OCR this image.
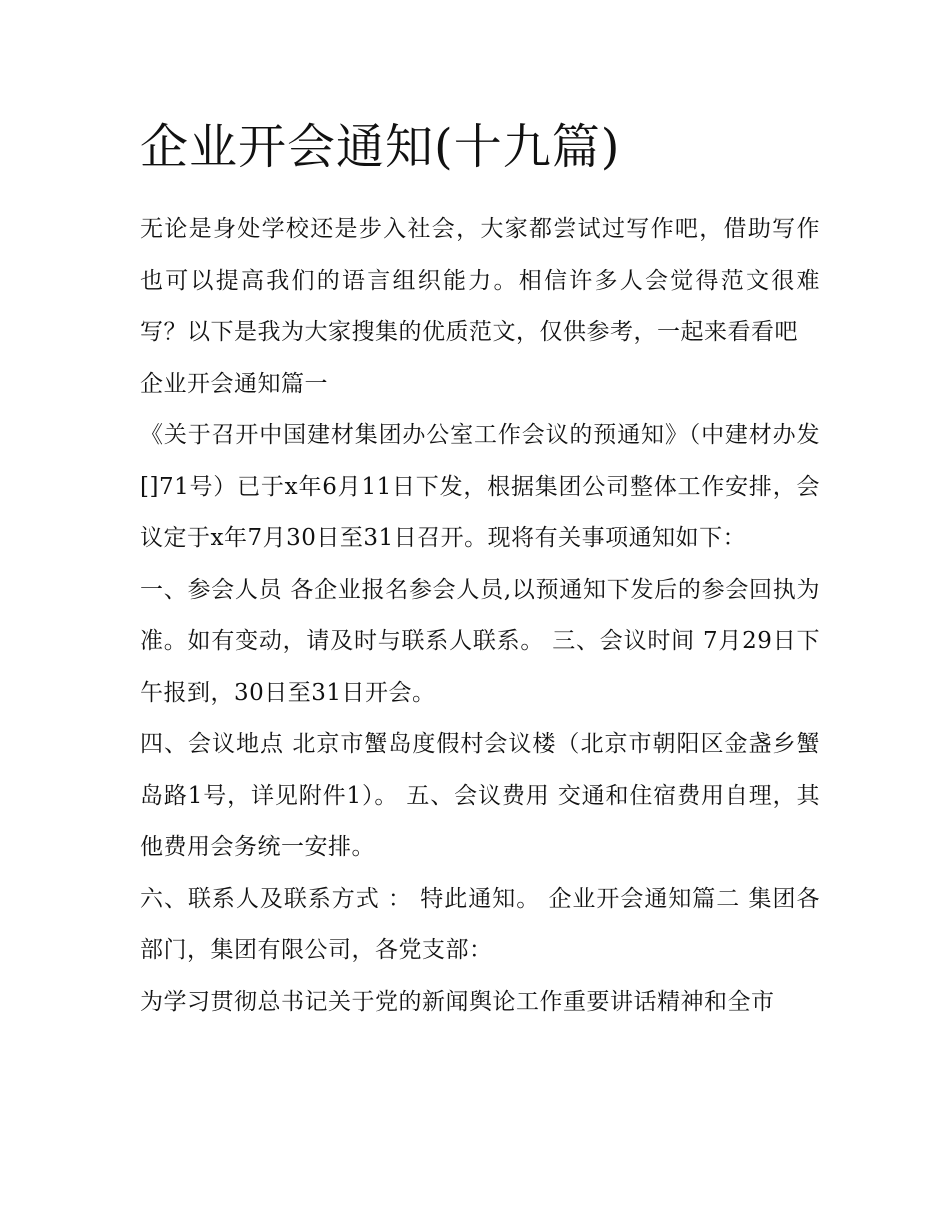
企业开会通知(十九篇)

无论是身处学校还是步入社会，大家都尝试过写作吧，借助写作也可以提高我们的语言组织能力。相信许多人会觉得范文很难写？以下是我为大家搜集的优质范文，仅供参考，一起来看看吧

企业开会通知篇一

《关于召开中国建材集团办公室工作会议的预通知》（中建材办发[]71号）已于x年6月11日下发，根据集团公司整体工作安排，会议定于x年7月30日至31日召开。现将有关事项通知如下：

一、参会人员 各企业报名参会人员,以预通知下发后的参会回执为准。如有变动，请及时与联系人联系。 三、会议时间 7月29日下午报到，30日至31日开会。

四、会议地点 北京市蟹岛度假村会议楼（北京市朝阳区金盏乡蟹岛路1号，详见附件1）。 五、会议费用 交通和住宿费用自理，其他费用会务统一安排。

六、联系人及联系方式 ： 特此通知。 企业开会通知篇二 集团各部门，集团有限公司，各党支部：

为学习贯彻总书记关于党的新闻舆论工作重要讲话精神和全市
